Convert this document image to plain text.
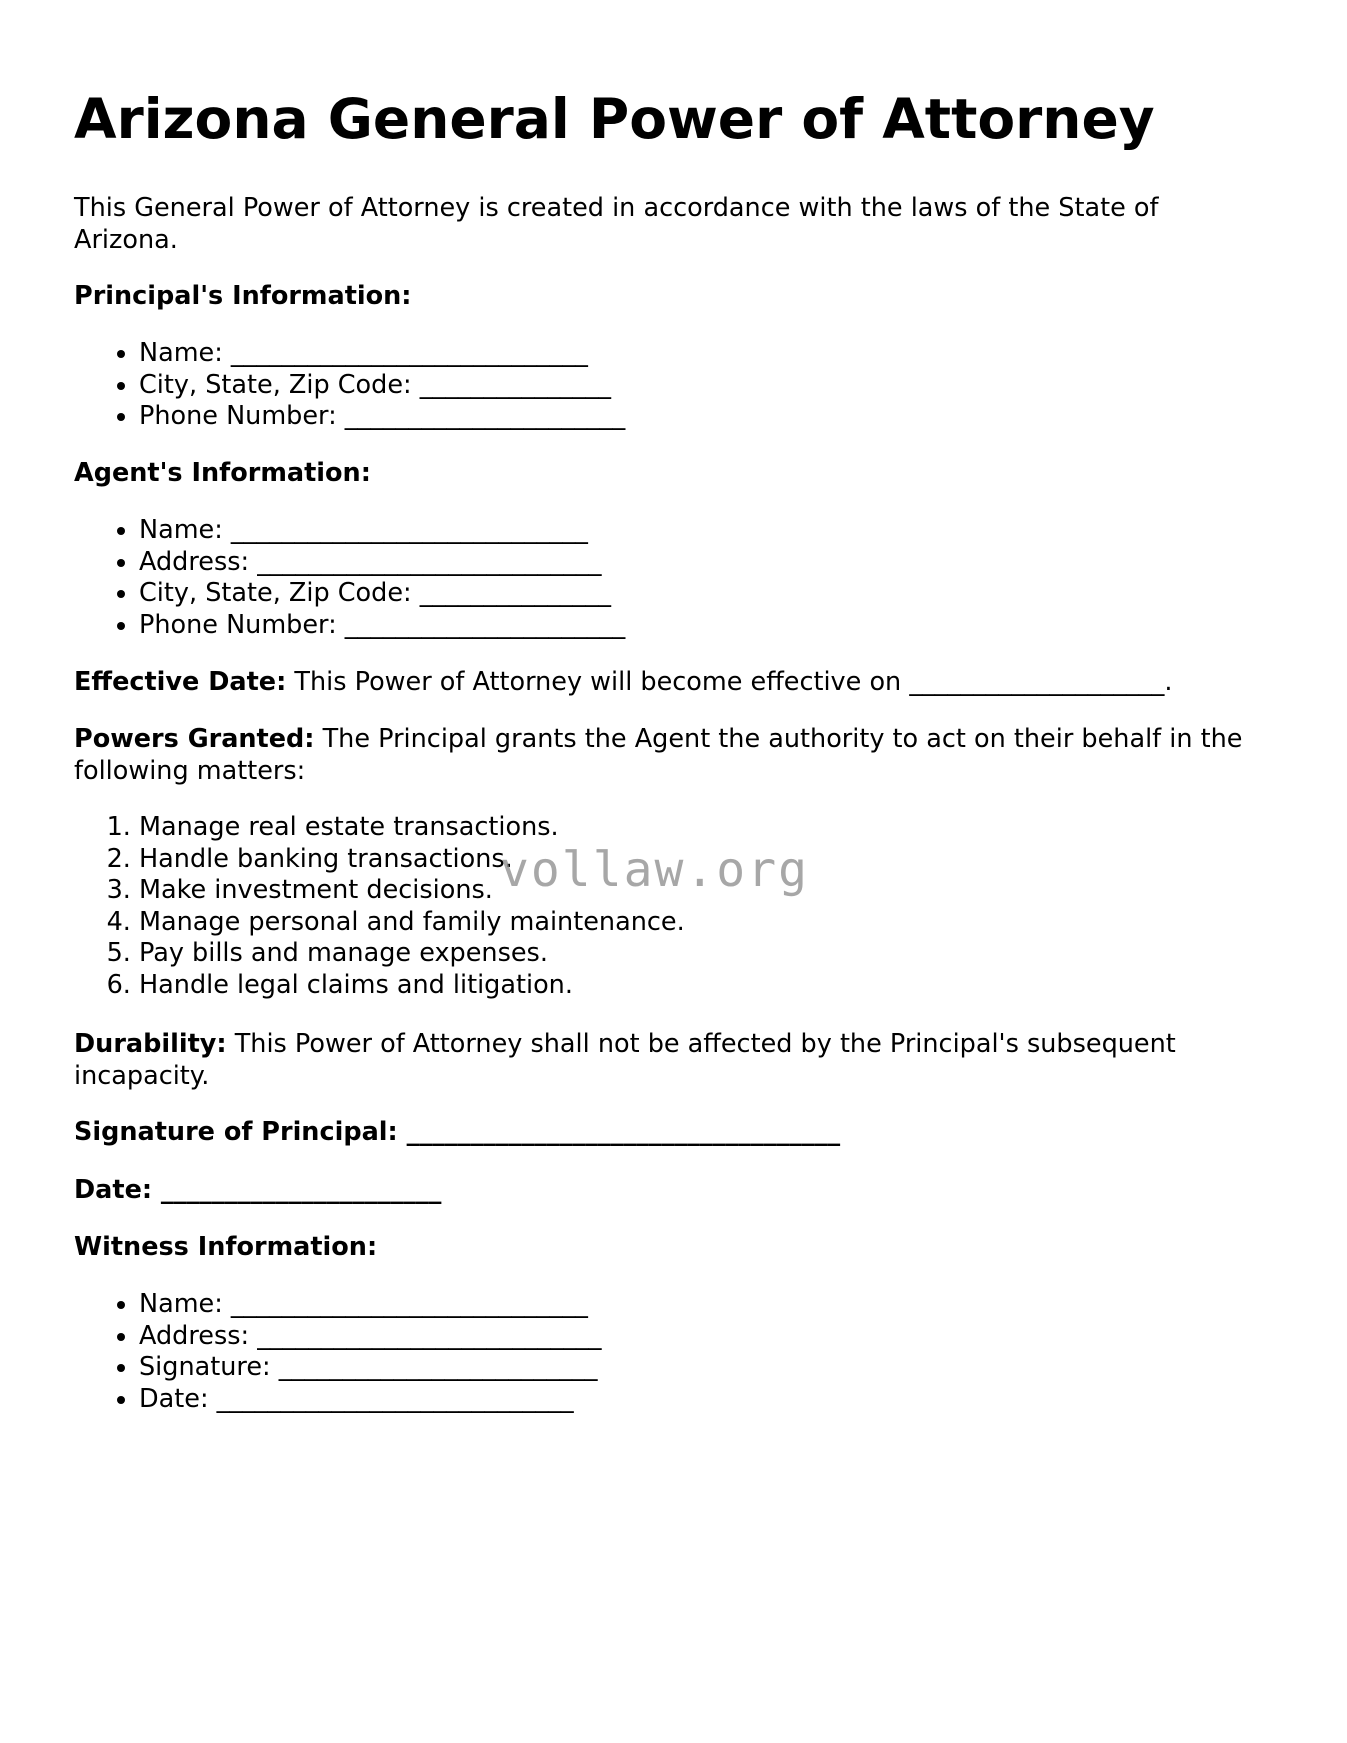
Arizona General Power of Attorney

This General Power of Attorney is created in accordance with the laws of the State of Arizona.

Principal's Information:

• Name: ____________________________
• City, State, Zip Code: _______________
• Phone Number: ______________________

Agent's Information:

• Name: ____________________________
• Address: ___________________________
• City, State, Zip Code: _______________
• Phone Number: ______________________

Effective Date: This Power of Attorney will become effective on ____________________.

Powers Granted: The Principal grants the Agent the authority to act on their behalf in the following matters:

1. Manage real estate transactions.
2. Handle banking transactions.
3. Make investment decisions.
4. Manage personal and family maintenance.
5. Pay bills and manage expenses.
6. Handle legal claims and litigation.

Durability: This Power of Attorney shall not be affected by the Principal's subsequent incapacity.

Signature of Principal: __________________________________

Date: ______________________

Witness Information:

• Name: ____________________________
• Address: ___________________________
• Signature: _________________________
• Date: ____________________________
vollaw.org
